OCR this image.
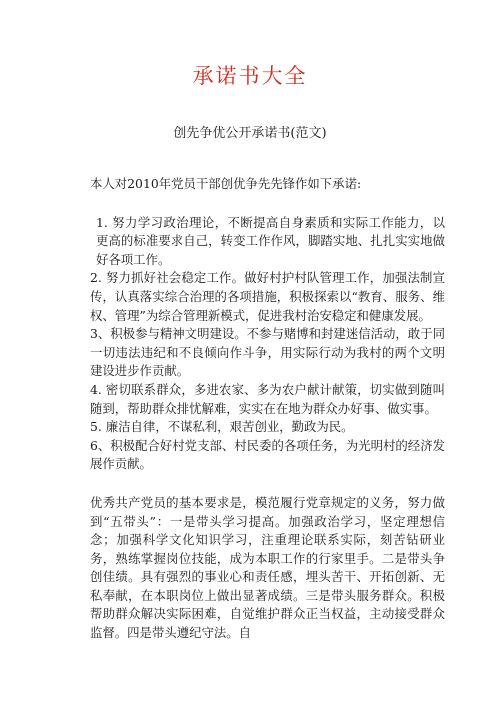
承诺书大全
创先争优公开承诺书(范文)

本人对2010年党员干部创优争先先锋作如下承诺:

1. 努力学习政治理论，不断提高自身素质和实际工作能力，以更高的标准要求自己，转变工作作风，脚踏实地、扎扎实实地做好各项工作。

2. 努力抓好社会稳定工作。做好村护村队管理工作，加强法制宣传，认真落实综合治理的各项措施，积极探索以“教育、服务、维权、管理”为综合管理新模式，促进我村治安稳定和健康发展。

3、积极参与精神文明建设。不参与赌博和封建迷信活动，敢于同一切违法违纪和不良倾向作斗争，用实际行动为我村的两个文明建设进步作贡献。

4. 密切联系群众，多进农家、多为农户献计献策，切实做到随叫随到，帮助群众排忧解难，实实在在地为群众办好事、做实事。

5. 廉洁自律，不谋私利，艰苦创业，勤政为民。

6、积极配合好村党支部、村民委的各项任务，为光明村的经济发展作贡献。

优秀共产党员的基本要求是，模范履行党章规定的义务，努力做到“五带头”：一是带头学习提高。加强政治学习，坚定理想信念；加强科学文化知识学习，注重理论联系实际，刻苦钻研业务，熟练掌握岗位技能，成为本职工作的行家里手。二是带头争创佳绩。具有强烈的事业心和责任感，埋头苦干、开拓创新、无私奉献，在本职岗位上做出显著成绩。三是带头服务群众。积极帮助群众解决实际困难，自觉维护群众正当权益，主动接受群众监督。四是带头遵纪守法。自
